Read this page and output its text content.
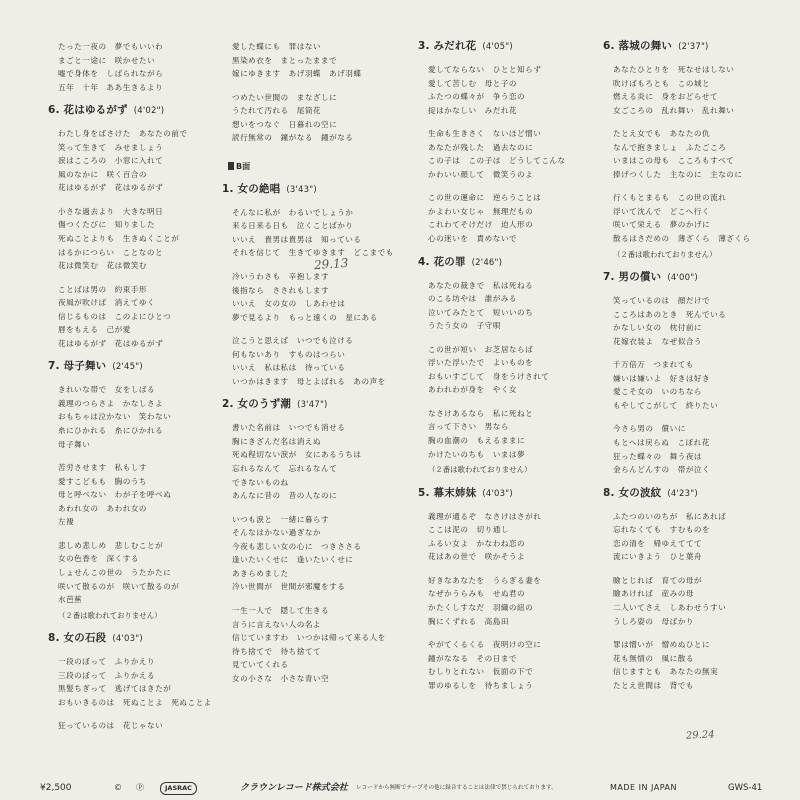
たった一夜の　夢でもいいわ
まごと一途に　咲かせたい
嘘で身体を　しばられながら
五年　十年　ああ生きるより
6. 花はゆるがず (4'02")
わたし身をばさけた　あなたの前で
笑って生きて　みせましょう
涙はこころの　小窓に入れて
風のなかに　咲く百合の
花はゆるがず　花はゆるがず
小さな過去より　大きな明日
傷つくたびに　知りました
死ぬことよりも　生きぬくことが
はるかにつらい　ことなのと
花は微笑む　花は微笑む
ことばは男の　約束手形
夜風が吹けば　消えてゆく
信じるものは　このよにひとつ
唇をもえる　己が愛
花はゆるがず　花はゆるがず
7. 母子舞い (2'45")
きれいな帯で　女をしばる
義理のつらさよ　かなしさよ
おもちゃは泣かない　笑わない
糸にひかれる　糸にひかれる
母子舞い
苦労させます　私もしす
愛すこどもも　胸のうち
母と呼べない　わが子を呼べぬ
あわれ女の　あわれ女の
左褄
悲しめ悲しめ　悲しむことが
女の色香を　深くする
しょせんこの世の　うたかたに
咲いて散るのが　咲いて散るのが
水芭蕉
（２番は歌われておりません）
8. 女の石段 (4'03")
一段のぼって　ふりかえり
三段のぼって　ふりかえる
黒髪ちぎって　逃げてはきたが
おもいきるのは　死ぬことよ　死ぬことよ
狂っているのは　花じゃない
愛した蝶にも　罪はない
黒染め衣を　まとったままで
嫁にゆきます　あげ羽蝶　あげ羽蝶
つめたい世間の　まなざしに
うたれて汚れる　尾筒花
想いをつなぐ　日暮れの空に
読行無常の　鐘がなる　鐘がなる
B面
1. 女の絶唱 (3'43")
そんなに私が　わるいでしょうか
来る日来る日も　泣くことばかり
いいえ　貴男は貴男は　知っている
それを信じて　生きてゆきます　どこまでも
冷いうわさも　辛抱します
後指なら　さされもします
いいえ　女の女の　しあわせは
夢で見るより　もっと遠くの　星にある
泣こうと思えば　いつでも泣ける
何もないあり　すものはつらい
いいえ　私は私は　待っている
いつかはきます　母とよばれる　あの声を
2. 女のうず潮 (3'47")
書いた名前は　いつでも消せる
胸にきざんだ名は消えぬ
死ぬ程切ない涙が　女にあるうちは
忘れるなんて　忘れるなんて
できないものね
あんなに昔の　昔の人なのに
いつも涙と　一緒に暮らす
そんなはかない過ぎなか
今夜も悲しい女の心に　つきささる
逢いたいくせに　逢いたいくせに
あきらめました
冷い世間が　世間が邪魔をする
一生一人で　隠して生きる
言うに言えない人の名よ
信じていますわ　いつかは帰って来る人を
待ち捨てで　待ち捨てて
見ていてくれる
女の小さな　小さな青い空
3. みだれ花 (4'05")
愛してならない　ひとと知らず
愛して苦しむ　母と子の
ふたつの蝶々が　争う恋の
掟はかなしい　みだれ花
生命も生きさく　ないほど憎い
あなたが残した　過去なのに
この子は　この子は　どうしてこんな
かわいい顔して　微笑うのよ
この世の運命に　逆らうことは
かよわい女じゃ　無理だもの
これわてそけだけ　迫人形の
心の迷いを　責めないで
4. 花の罪 (2'46")
あなたの裁きで　私は死ねる
のこる坊やは　誰がみる
泣いてみたとて　短いいのち
うたう女の　子守唄
この世が短い　お芝居ならば
浮いた浮いたで　よいものを
おもいすごして　身をうけされて
あわれわが身を　やく女
なさけあるなら　私に死ねと
言って下さい　男なら
胸の血潮の　もえるままに
かけたいのちも　いまは夢
（２番は歌われておりません）
5. 幕末姉妹 (4'03")
義理が通るぞ　なさけはさがれ
ここは泥の　切り通し
ふるい女よ　かなわね恋の
花はあの世で　咲かそうよ
好きなあなたを　うらぎる妻を
なぜかうらみも　せぬ君の
かたくしすなだ　羽織の紐の
胸にくずれる　高島田
やがてくるくる　夜明けの空に
鐘がななる　その日まで
むしりとれない　仮面の下で
罪のゆるしを　待ちましょう
6. 落城の舞い (2'37")
あなたひとりを　死なせはしない
吹けばもろとも　この城と
燃える炎に　身をおどらせて
女ごころの　乱れ舞い　乱れ舞い
たとえ女でも　あなたの仇
なんで抱きましょ　ふたごころ
いまはこの母も　こころもすべて
捧げつくした　主なのに　主なのに
行くもとまるも　この世の流れ
浮いて沈んで　どこへ行く
咲いて栄える　夢のかげに
散るはさだめの　薄ざくら　薄ざくら
（２番は歌われておりません）
7. 男の償い (4'00")
笑っているのは　顔だけで
こころはあのとき　死んでいる
かなしい女の　枕付前に
花嫁衣装よ　なぜ似合う
千万倍万　つまれても
嫌いは嫌いよ　好きは好き
愛こそ女の　いのちなら
もやしてこがして　終りたい
今さら男の　償いに
もとへは戻らぬ　こぼれ花
狂った蝶々の　舞う夜は
金らんどんすの　帯が泣く
8. 女の波紋 (4'23")
ふたつのいのちが　私にあれば
忘れなくても　すむものを
恋の清を　帰ゆえててて
流にいきよう　ひと葉舟
瞼とじれば　育ての母が
瞼あければ　産みの母
二人いてさえ　しあわせうすい
うしろ姿の　母ばかり
罪は憎いが　憎めぬひとに
花も無情の　風に散る
信じますとも　あなたの無実
たとえ世間は　背でも
29.13
29.24
¥2,500	© Ⓟ	JASRAC	クラウンレコード株式会社 レコードから無断でテープその他に録音することは法律で禁じられております。	MADE IN JAPAN	GWS-41
